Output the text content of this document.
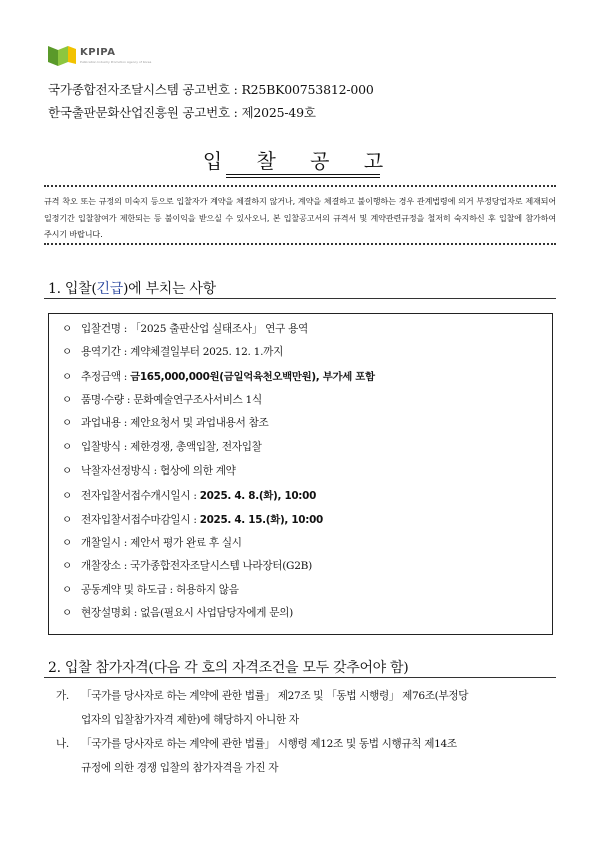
KPIPA
Publication Industry Promotion Agency of Korea
국가종합전자조달시스템 공고번호 : R25BK00753812-000
한국출판문화산업진흥원 공고번호 : 제2025-49호
입 찰 공 고
규격 착오 또는 규정의 미숙지 등으로 입찰자가 계약을 체결하지 않거나, 계약을 체결하고 불이행하는 경우 관계법령에 의거 부정당업자로 제재되어 일정기간 입찰참여가 제한되는 등 불이익을 받으실 수 있사오니, 본 입찰공고서의 규격서 및 계약관련규정을 철저히 숙지하신 후 입찰에 참가하여 주시기 바랍니다.
1. 입찰(긴급)에 부치는 사항
ㅇ 입찰건명 : 「2025 출판산업 실태조사」 연구 용역
ㅇ 용역기간 : 계약체결일부터 2025. 12. 1.까지
ㅇ 추정금액 : 금165,000,000원(금일억육천오백만원), 부가세 포함
ㅇ 품명·수량 : 문화예술연구조사서비스 1식
ㅇ 과업내용 : 제안요청서 및 과업내용서 참조
ㅇ 입찰방식 : 제한경쟁, 총액입찰, 전자입찰
ㅇ 낙찰자선정방식 : 협상에 의한 계약
ㅇ 전자입찰서접수개시일시 : 2025. 4. 8.(화), 10:00
ㅇ 전자입찰서접수마감일시 : 2025. 4. 15.(화), 10:00
ㅇ 개찰일시 : 제안서 평가 완료 후 실시
ㅇ 개찰장소 : 국가종합전자조달시스템 나라장터(G2B)
ㅇ 공동계약 및 하도급 : 허용하지 않음
ㅇ 현장설명회 : 없음(필요시 사업담당자에게 문의)
2. 입찰 참가자격(다음 각 호의 자격조건을 모두 갖추어야 함)
가. 「국가를 당사자로 하는 계약에 관한 법률」 제27조 및 「동법 시행령」 제76조(부정당
업자의 입찰참가자격 제한)에 해당하지 아니한 자
나. 「국가를 당사자로 하는 계약에 관한 법률」 시행령 제12조 및 동법 시행규칙 제14조
규정에 의한 경쟁 입찰의 참가자격을 가진 자
